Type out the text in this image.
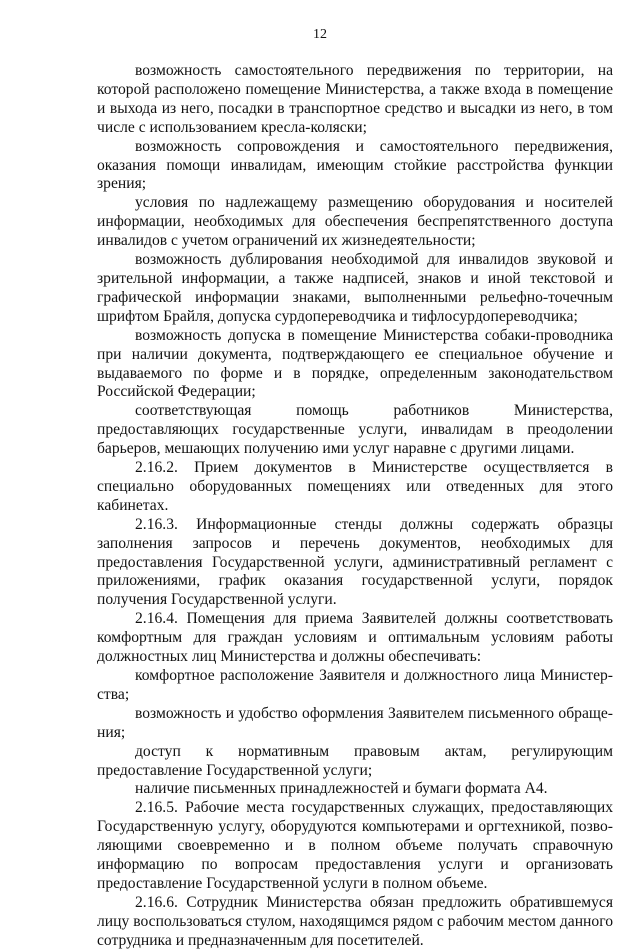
12

возможность самостоятельного передвижения по территории, на которой расположено помещение Министерства, а также входа в помещение и выхода из него, посадки в транспортное средство и высадки из него, в том числе с использованием кресла-коляски;

возможность сопровождения и самостоятельного передвижения, оказания помощи инвалидам, имеющим стойкие расстройства функции зрения;

условия по надлежащему размещению оборудования и носителей информации, необходимых для обеспечения беспрепятственного доступа инвалидов с учетом ограничений их жизнедеятельности;

возможность дублирования необходимой для инвалидов звуковой и зрительной информации, а также надписей, знаков и иной текстовой и графической информации знаками, выполненными рельефно-точечным шрифтом Брайля, допуска сурдопереводчика и тифлосурдопереводчика;

возможность допуска в помещение Министерства собаки-проводника при наличии документа, подтверждающего ее специальное обучение и выдаваемого по форме и в порядке, определенным законодательством Российской Федерации;

соответствующая помощь работников Министерства, предоставляющих государственные услуги, инвалидам в преодолении барьеров, мешающих получению ими услуг наравне с другими лицами.

2.16.2. Прием документов в Министерстве осуществляется в специально оборудованных помещениях или отведенных для этого кабинетах.

2.16.3. Информационные стенды должны содержать образцы заполнения запросов и перечень документов, необходимых для предоставления Государственной услуги, административный регламент с приложениями, график оказания государственной услуги, порядок получения Государственной услуги.

2.16.4. Помещения для приема Заявителей должны соответствовать комфортным для граждан условиям и оптимальным условиям работы должностных лиц Министерства и должны обеспечивать:

комфортное расположение Заявителя и должностного лица Министерства;

возможность и удобство оформления Заявителем письменного обращения;

доступ к нормативным правовым актам, регулирующим предоставление Государственной услуги;

наличие письменных принадлежностей и бумаги формата А4.

2.16.5. Рабочие места государственных служащих, предоставляющих Государственную услугу, оборудуются компьютерами и оргтехникой, позволяющими своевременно и в полном объеме получать справочную информацию по вопросам предоставления услуги и организовать предоставление Государственной услуги в полном объеме.

2.16.6. Сотрудник Министерства обязан предложить обратившемуся лицу воспользоваться стулом, находящимся рядом с рабочим местом данного сотрудника и предназначенным для посетителей.
